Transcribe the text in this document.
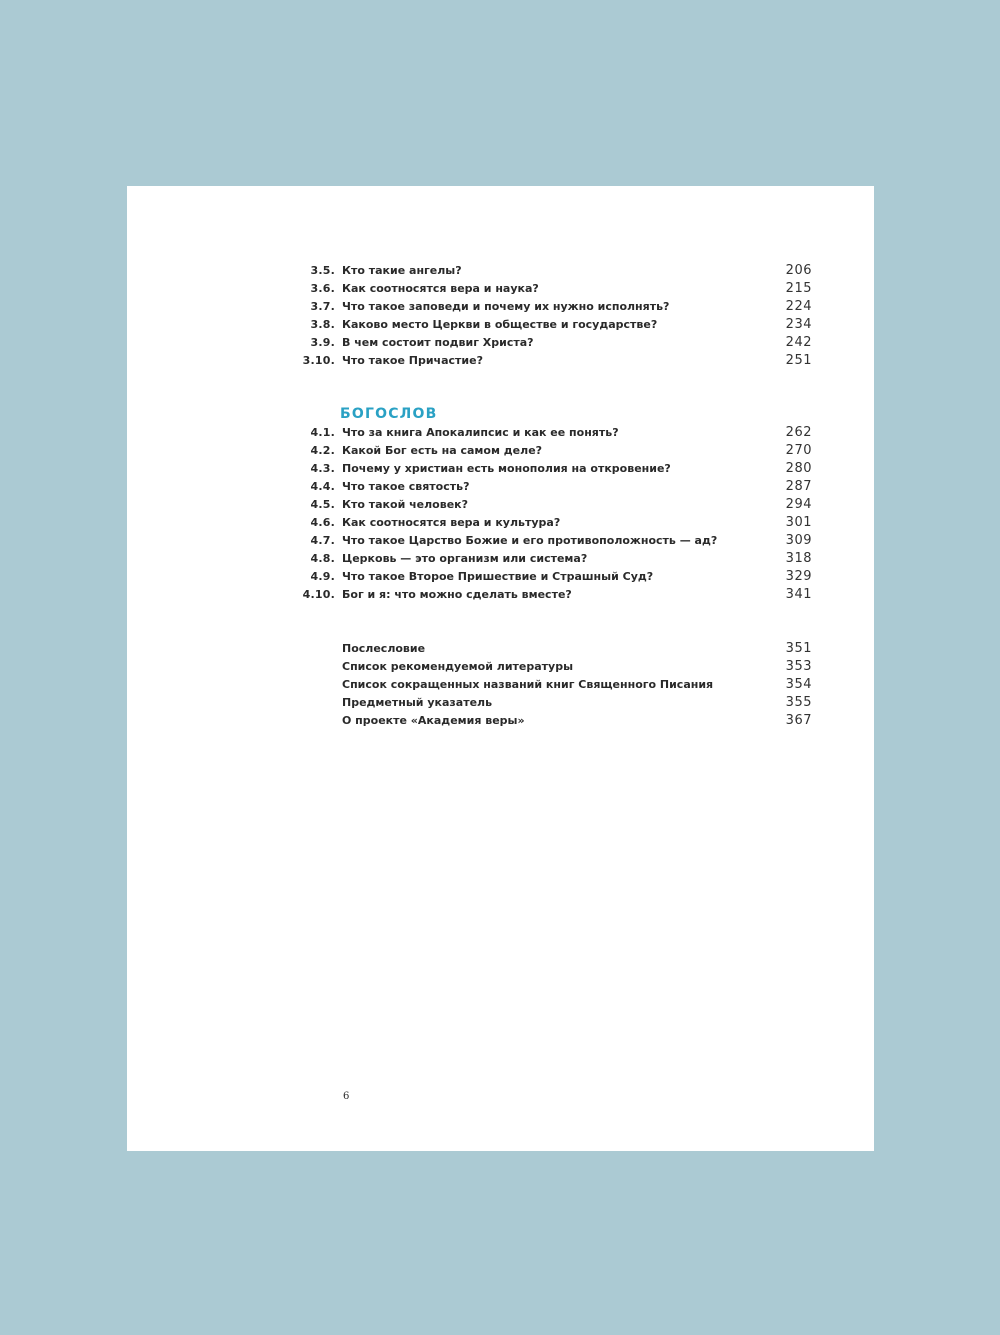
3.5. Кто такие ангелы?	206
3.6. Как соотносятся вера и наука?	215
3.7. Что такое заповеди и почему их нужно исполнять?	224
3.8. Каково место Церкви в обществе и государстве?	234
3.9. В чем состоит подвиг Христа?	242
3.10. Что такое Причастие?	251
БОГОСЛОВ
4.1. Что за книга Апокалипсис и как ее понять?	262
4.2. Какой Бог есть на самом деле?	270
4.3. Почему у христиан есть монополия на откровение?	280
4.4. Что такое святость?	287
4.5. Кто такой человек?	294
4.6. Как соотносятся вера и культура?	301
4.7. Что такое Царство Божие и его противоположность — ад?	309
4.8. Церковь — это организм или система?	318
4.9. Что такое Второе Пришествие и Страшный Суд?	329
4.10. Бог и я: что можно сделать вместе?	341
Послесловие	351
Список рекомендуемой литературы	353
Список сокращенных названий книг Священного Писания	354
Предметный указатель	355
О проекте «Академия веры»	367
6
